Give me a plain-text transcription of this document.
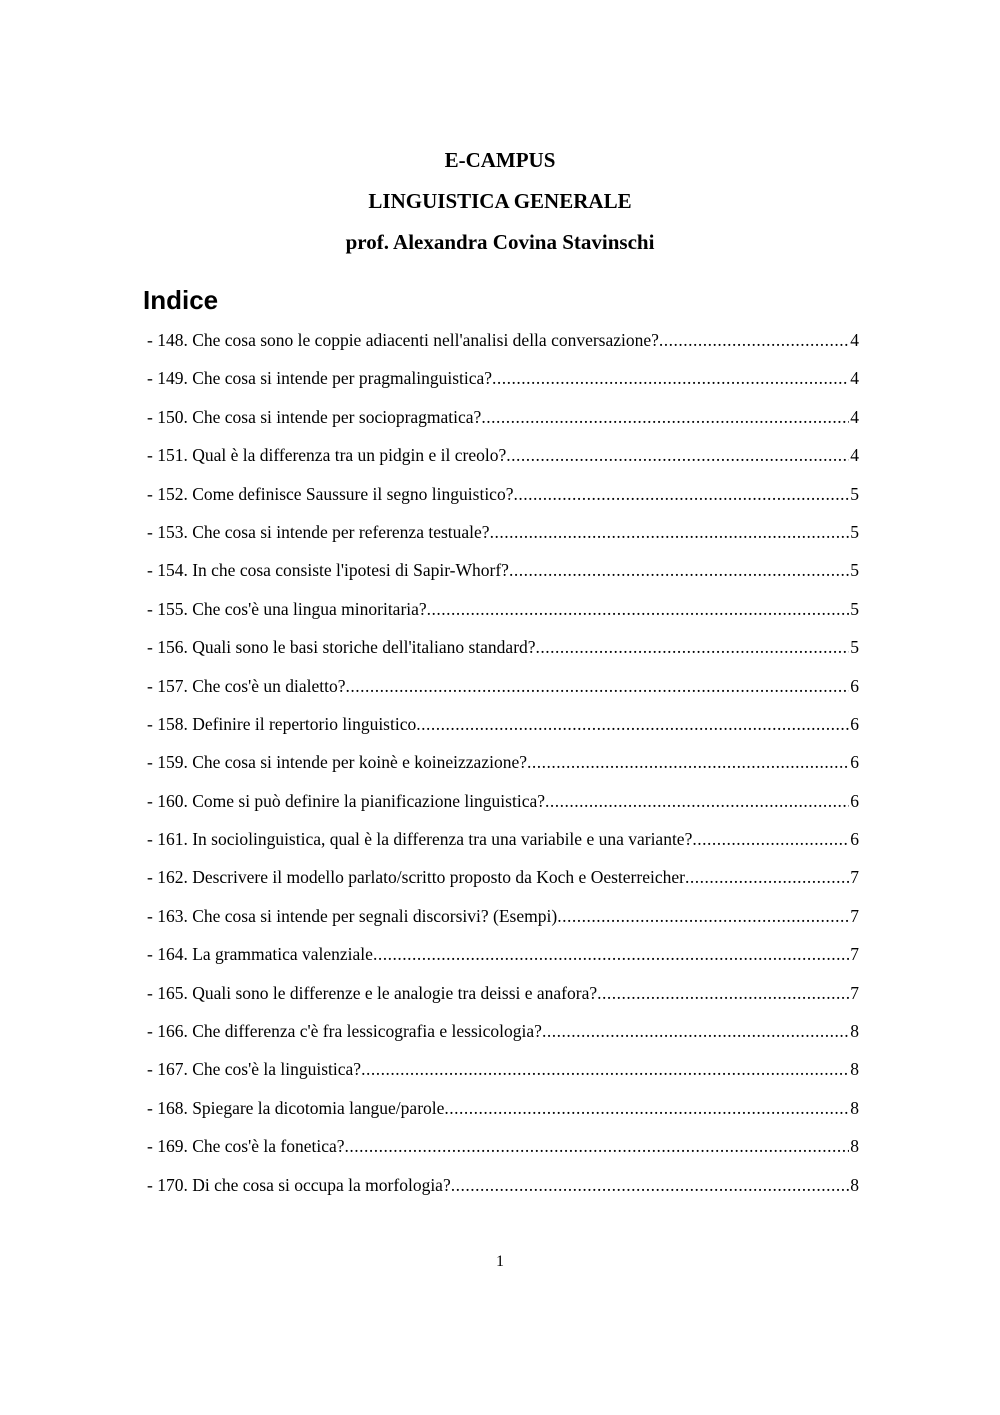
E-CAMPUS
LINGUISTICA GENERALE
prof. Alexandra Covina Stavinschi
Indice
- 148. Che cosa sono le coppie adiacenti nell'analisi della conversazione? .....	4
- 149. Che cosa si intende per pragmalinguistica? .....	4
- 150. Che cosa si intende per sociopragmatica? .....	4
- 151. Qual è la differenza tra un pidgin e il creolo? .....	4
- 152. Come definisce Saussure il segno linguistico? .....	5
- 153. Che cosa si intende per referenza testuale? .....	5
- 154. In che cosa consiste l'ipotesi di Sapir-Whorf? .....	5
- 155. Che cos'è una lingua minoritaria? .....	5
- 156. Quali sono le basi storiche dell'italiano standard? .....	5
- 157. Che cos'è un dialetto? .....	6
- 158. Definire il repertorio linguistico .....	6
- 159. Che cosa si intende per koinè e koineizzazione? .....	6
- 160. Come si può definire la pianificazione linguistica? .....	6
- 161. In sociolinguistica, qual è la differenza tra una variabile e una variante? .....	6
- 162. Descrivere il modello parlato/scritto proposto da Koch e Oesterreicher .....	7
- 163. Che cosa si intende per segnali discorsivi? (Esempi) .....	7
- 164. La grammatica valenziale .....	7
- 165. Quali sono le differenze e le analogie tra deissi e anafora? .....	7
- 166. Che differenza c'è fra lessicografia e lessicologia? .....	8
- 167. Che cos'è la linguistica? .....	8
- 168. Spiegare la dicotomia langue/parole .....	8
- 169. Che cos'è la fonetica? .....	8
- 170. Di che cosa si occupa la morfologia? .....	8
1
